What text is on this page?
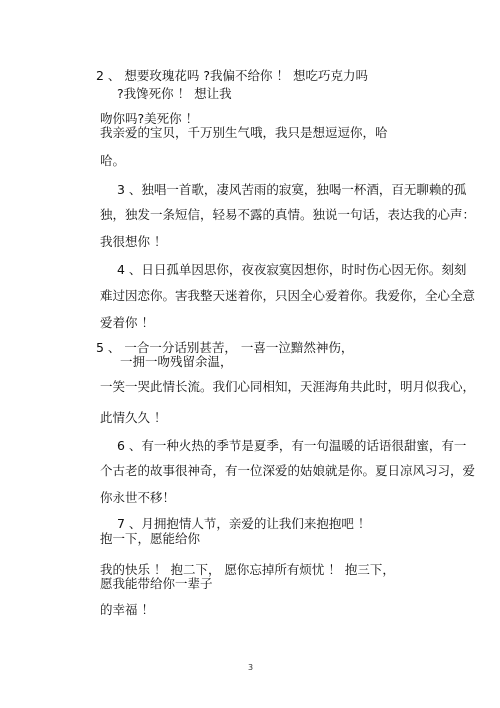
2 、 想要玫瑰花吗 ?我偏不给你 ！ 想吃巧克力吗
?我馋死你 ！ 想让我
吻你吗?美死你 ！
我亲爱的宝贝，千万别生气哦，我只是想逗逗你，哈
哈。
3 、独唱一首歌，凄风苦雨的寂寞，独喝一杯酒，百无聊赖的孤
独，独发一条短信，轻易不露的真情。独说一句话，表达我的心声：
我很想你 ！
4 、日日孤单因思你，夜夜寂寞因想你，时时伤心因无你。刻刻
难过因恋你。害我整天迷着你，只因全心爱着你。我爱你，全心全意
爱着你 ！
5 、 一合一分话别甚苦， 一喜一泣黯然神伤，
一拥一吻残留余温，
一笑一哭此情长流。我们心同相知，天涯海角共此时，明月似我心，
此情久久 ！
6 、有一种火热的季节是夏季，有一句温暖的话语很甜蜜，有一
个古老的故事很神奇，有一位深爱的姑娘就是你。夏日凉风习习，爱
你永世不移！
7 、月拥抱情人节，亲爱的让我们来抱抱吧 ！
抱一下，愿能给你
我的快乐 ！ 抱二下， 愿你忘掉所有烦忧 ！ 抱三下，
愿我能带给你一辈子
的幸福 ！
3
